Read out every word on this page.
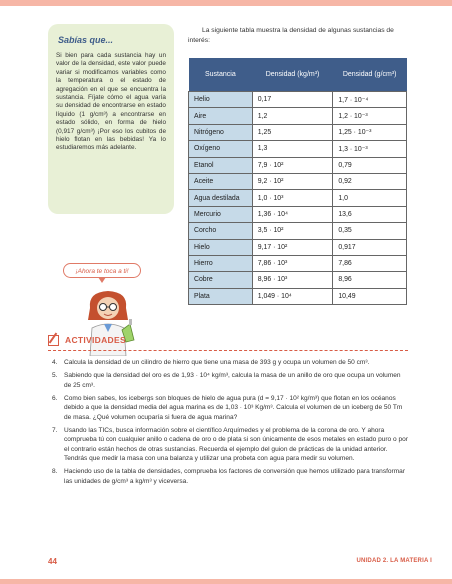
Sabías que...
Si bien para cada sustancia hay un valor de la densidad, este valor puede variar si modificamos variables como la temperatura o el estado de agregación en el que se encuentra la sustancia. Fíjate cómo el agua varía su densidad de encontrarse en estado líquido (1 g/cm³) a encontrarse en estado sólido, en forma de hielo (0,917 g/cm³) ¡Por eso los cubitos de hielo flotan en las bebidas! Ya lo estudiaremos más adelante.
¡Ahora te toca a ti!
La siguiente tabla muestra la densidad de algunas sustancias de interés:
Sustancia	Densidad (kg/m³)	Densidad (g/cm³)
Helio	0,17	1,7 · 10⁻⁴
Aire	1,2	1,2 · 10⁻³
Nitrógeno	1,25	1,25 · 10⁻³
Oxígeno	1,3	1,3 · 10⁻³
Etanol	7,9 · 10²	0,79
Aceite	9,2 · 10²	0,92
Agua destilada	1,0 · 10³	1,0
Mercurio	1,36 · 10⁴	13,6
Corcho	3,5 · 10²	0,35
Hielo	9,17 · 10²	0,917
Hierro	7,86 · 10³	7,86
Cobre	8,96 · 10³	8,96
Plata	1,049 · 10⁴	10,49
ACTIVIDADES
4. Calcula la densidad de un cilindro de hierro que tiene una masa de 393 g y ocupa un volumen de 50 cm³.
5. Sabiendo que la densidad del oro es de 1,93 · 10⁴ kg/m³, calcula la masa de un anillo de oro que ocupa un volumen de 25 cm³.
6. Como bien sabes, los icebergs son bloques de hielo de agua pura (d = 9,17 · 10² kg/m³) que flotan en los océanos debido a que la densidad media del agua marina es de 1,03 · 10³ Kg/m³. Calcula el volumen de un iceberg de 50 Tm de masa. ¿Qué volumen ocuparía si fuera de agua marina?
7. Usando las TICs, busca información sobre el científico Arquímedes y el problema de la corona de oro. Y ahora comprueba tú con cualquier anillo o cadena de oro o de plata si son únicamente de esos metales en estado puro o por el contrario están hechos de otras sustancias. Recuerda el ejemplo del guion de prácticas de la unidad anterior. Tendrás que medir la masa con una balanza y utilizar una probeta con agua para medir su volumen.
8. Haciendo uso de la tabla de densidades, comprueba los factores de conversión que hemos utilizado para transformar las unidades de g/cm³ a kg/m³ y viceversa.
44	UNIDAD 2. LA MATERIA I
